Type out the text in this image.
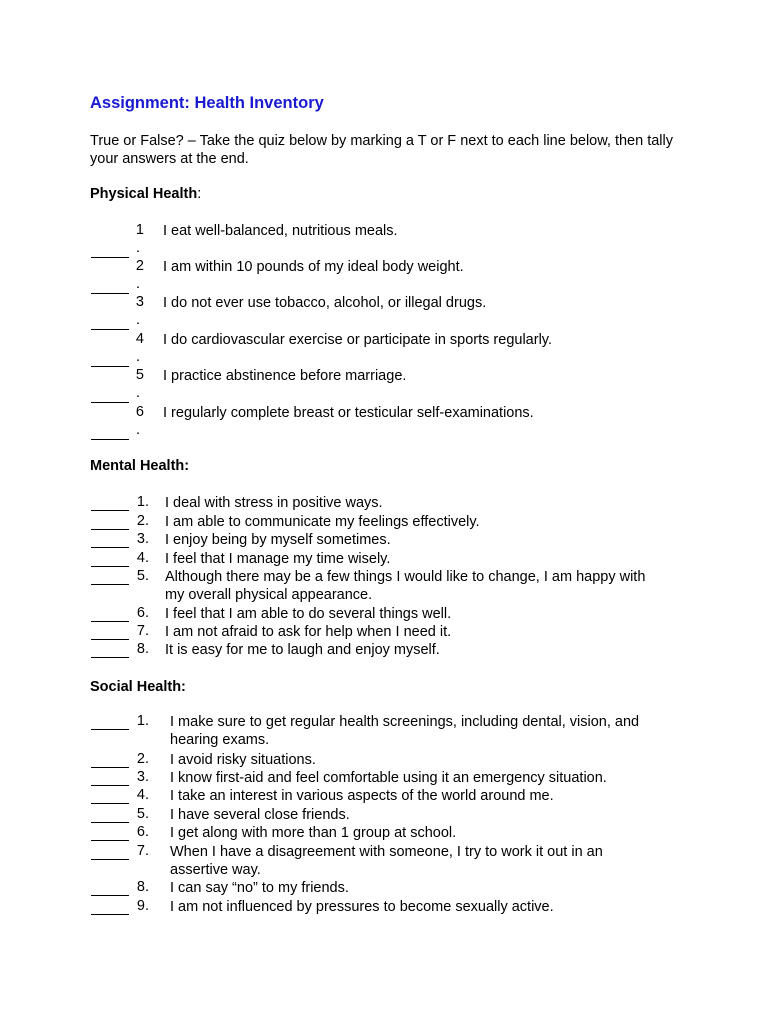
Assignment: Health Inventory
True or False? – Take the quiz below by marking a T or F next to each line below, then tally your answers at the end.
Physical Health:
1 I eat well-balanced, nutritious meals.
.
2 I am within 10 pounds of my ideal body weight.
.
3 I do not ever use tobacco, alcohol, or illegal drugs.
.
4 I do cardiovascular exercise or participate in sports regularly.
.
5 I practice abstinence before marriage.
.
6 I regularly complete breast or testicular self-examinations.
.
Mental Health:
1. I deal with stress in positive ways.
2. I am able to communicate my feelings effectively.
3. I enjoy being by myself sometimes.
4. I feel that I manage my time wisely.
5. Although there may be a few things I would like to change, I am happy with
my overall physical appearance.
6. I feel that I am able to do several things well.
7. I am not afraid to ask for help when I need it.
8. It is easy for me to laugh and enjoy myself.
Social Health:
1. I make sure to get regular health screenings, including dental, vision, and
hearing exams.
2. I avoid risky situations.
3. I know first-aid and feel comfortable using it an emergency situation.
4. I take an interest in various aspects of the world around me.
5. I have several close friends.
6. I get along with more than 1 group at school.
7. When I have a disagreement with someone, I try to work it out in an
assertive way.
8. I can say “no” to my friends.
9. I am not influenced by pressures to become sexually active.
